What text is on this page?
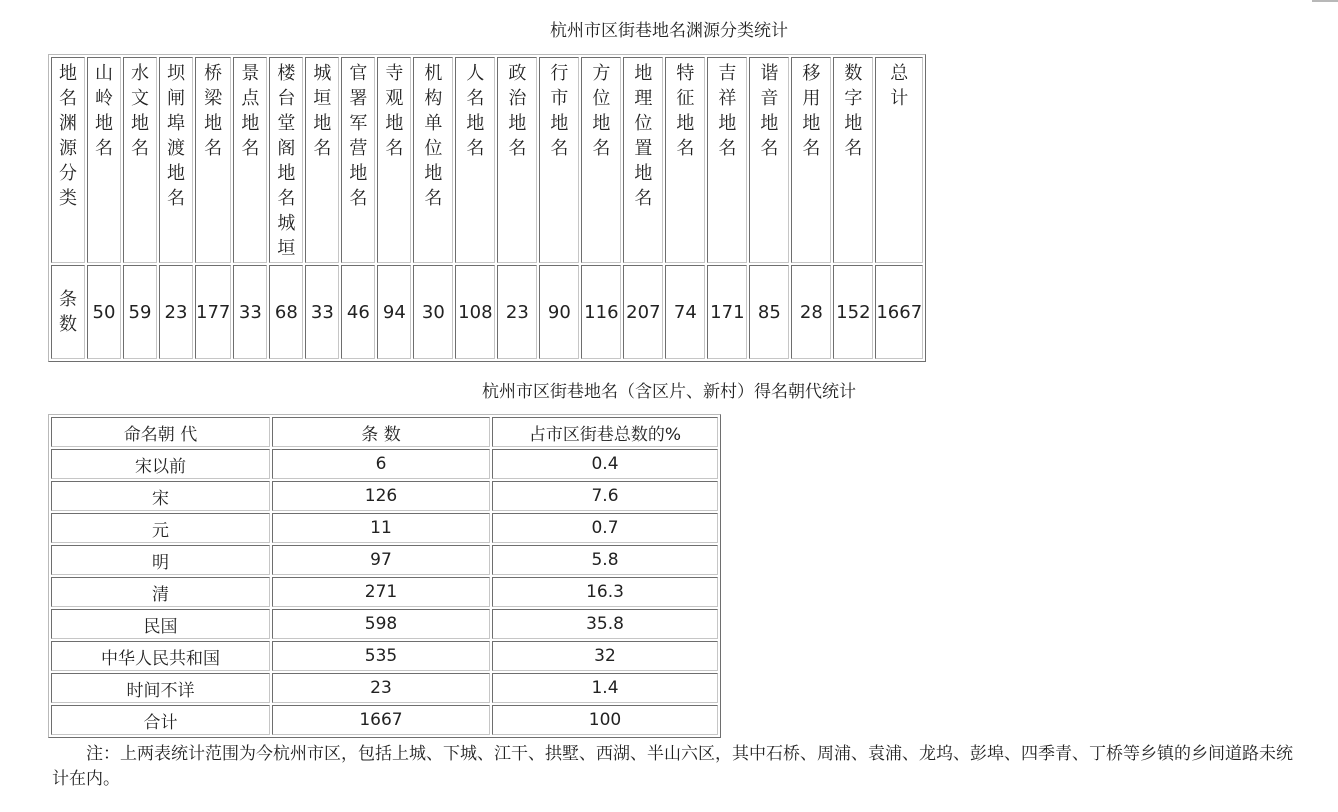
杭州市区街巷地名渊源分类统计
地名渊源分类	山岭地名	水文地名	坝闸埠渡地名	桥梁地名	景点地名	楼台堂阁地名城垣	城垣地名	官署军营地名	寺观地名	机构单位地名	人名地名	政治地名	行市地名	方位地名	地理位置地名	特征地名	吉祥地名	谐音地名	移用地名	数字地名	总计

条数	50	59	23	177	33	68	33	46	94	30	108	23	90	116	207	74	171	85	28	152	1667
杭州市区街巷地名（含区片、新村）得名朝代统计
命名朝 代	条 数	占市区街巷总数的%
宋以前	6	0.4
宋	126	7.6
元	11	0.7
明	97	5.8
清	271	16.3
民国	598	35.8
中华人民共和国	535	32
时间不详	23	1.4
合计	1667	100
注：上两表统计范围为今杭州市区，包括上城、下城、江干、拱墅、西湖、半山六区，其中石桥、周浦、袁浦、龙坞、彭埠、四季青、丁桥等乡镇的乡间道路未统计在内。
